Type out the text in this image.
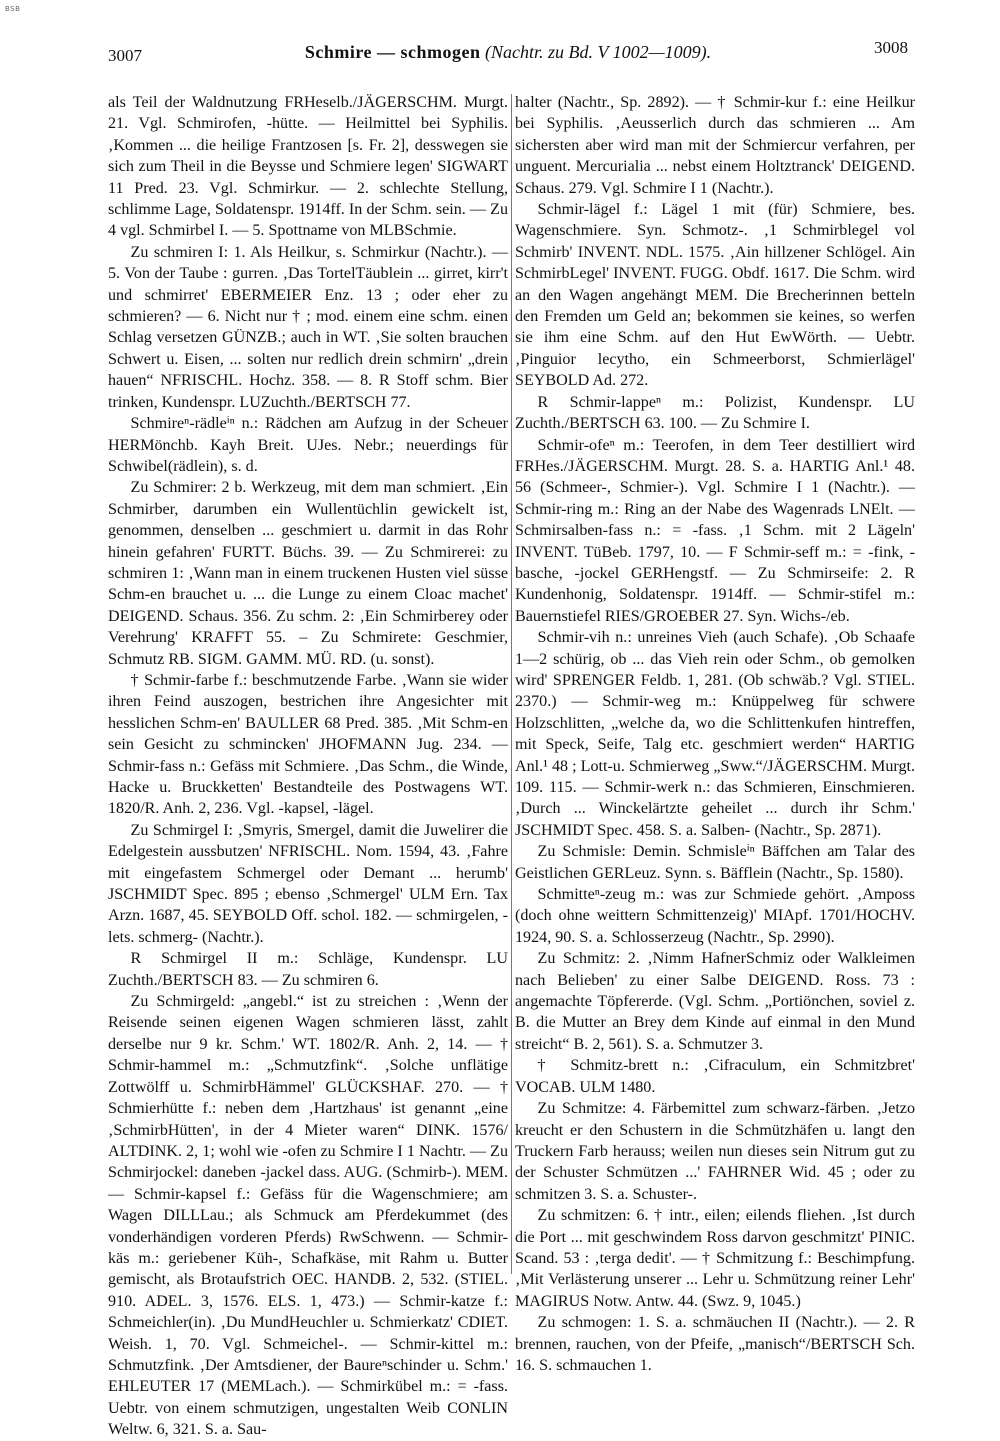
BSB
3007	Schmire — schmogen (Nachtr. zu Bd. V 1002—1009).	3008

als Teil der Waldnutzung FRHeselb./JÄGERSCHM. Murgt. 21. Vgl. Schmirofen, -hütte. — Heilmittel bei Syphilis. ‚Kommen ... die heilige Frantzosen [s. Fr. 2], desswegen sie sich zum Theil in die Beysse und Schmiere legen' SIGWART 11 Pred. 23. Vgl. Schmirkur. — 2. schlechte Stellung, schlimme Lage, Soldatenspr. 1914ff. In der Schm. sein. — Zu 4 vgl. Schmirbel I. — 5. Spottname von MLBSchmie.

Zu schmiren I: 1. Als Heilkur, s. Schmirkur (Nachtr.). — 5. Von der Taube : gurren. ‚Das TortelTäublein ... girret, kirr't und schmirret' EBERMEIER Enz. 13 ; oder eher zu schmieren? — 6. Nicht nur † ; mod. einem eine schm. einen Schlag versetzen GÜNZB.; auch in WT. ‚Sie solten brauchen Schwert u. Eisen, ... solten nur redlich drein schmirn' „drein hauen“ NFRISCHL. Hochz. 358. — 8. R Stoff schm. Bier trinken, Kundenspr. LUZuchth./BERTSCH 77.

Schmireⁿ-rädleⁱⁿ n.: Rädchen am Aufzug in der Scheuer HERMönchb. Kayh Breit. UJes. Nebr.; neuerdings für Schwibel(rädlein), s. d.

Zu Schmirer: 2 b. Werkzeug, mit dem man schmiert. ‚Ein Schmirber, darumben ein Wullentüchlin gewickelt ist, genommen, denselben ... geschmiert u. darmit in das Rohr hinein gefahren' FURTT. Büchs. 39. — Zu Schmirerei: zu schmiren 1: ‚Wann man in einem truckenen Husten viel süsse Schm-en brauchet u. ... die Lunge zu einem Cloac machet' DEIGEND. Schaus. 356. Zu schm. 2: ‚Ein Schmirberey oder Verehrung' KRAFFT 55. – Zu Schmirete: Geschmier, Schmutz RB. SIGM. GAMM. MÜ. RD. (u. sonst).

† Schmir-farbe f.: beschmutzende Farbe. ‚Wann sie wider ihren Feind auszogen, bestrichen ihre Angesichter mit hesslichen Schm-en' BAULLER 68 Pred. 385. ‚Mit Schm-en sein Gesicht zu schmincken' JHOFMANN Jug. 234. — Schmir-fass n.: Gefäss mit Schmiere. ‚Das Schm., die Winde, Hacke u. Bruckketten' Bestandteile des Postwagens WT. 1820/R. Anh. 2, 236. Vgl. -kapsel, -lägel.

Zu Schmirgel I: ‚Smyris, Smergel, damit die Juwelirer die Edelgestein aussbutzen' NFRISCHL. Nom. 1594, 43. ‚Fahre mit eingefastem Schmergel oder Demant ... herumb' JSCHMIDT Spec. 895 ; ebenso ‚Schmergel' ULM Ern. Tax Arzn. 1687, 45. SEYBOLD Off. schol. 182. — schmirgelen, -lets. schmerg- (Nachtr.).

R Schmirgel II m.: Schläge, Kundenspr. LU Zuchth./BERTSCH 83. — Zu schmiren 6.

Zu Schmirgeld: „angebl.“ ist zu streichen : ‚Wenn der Reisende seinen eigenen Wagen schmieren lässt, zahlt derselbe nur 9 kr. Schm.' WT. 1802/R. Anh. 2, 14. — † Schmir-hammel m.: „Schmutzfink“. ‚Solche unflätige Zottwölff u. SchmirbHämmel' GLÜCKSHAF. 270. — † Schmierhütte f.: neben dem ‚Hartzhaus' ist genannt „eine ‚SchmirbHütten', in der 4 Mieter waren“ DINK. 1576/ ALTDINK. 2, 1; wohl wie -ofen zu Schmire I 1 Nachtr. — Zu Schmirjockel: daneben -jackel dass. AUG. (Schmirb-). MEM. — Schmir-kapsel f.: Gefäss für die Wagenschmiere; am Wagen DILLLau.; als Schmuck am Pferdekummet (des vonderhändigen vorderen Pferds) RwSchwenn. — Schmir-käs m.: geriebener Küh-, Schafkäse, mit Rahm u. Butter gemischt, als Brotaufstrich OEC. HANDB. 2, 532. (STIEL. 910. ADEL. 3, 1576. ELS. 1, 473.) — Schmir-katze f.: Schmeichler(in). ‚Du MundHeuchler u. Schmierkatz' CDIET. Weish. 1, 70. Vgl. Schmeichel-. — Schmir-kittel m.: Schmutzfink. ‚Der Amtsdiener, der Baureⁿschinder u. Schm.' EHLEUTER 17 (MEMLach.). — Schmirkübel m.: = -fass. Uebtr. von einem schmutzigen, ungestalten Weib CONLIN Weltw. 6, 321. S. a. Sau-

halter (Nachtr., Sp. 2892). — † Schmir-kur f.: eine Heilkur bei Syphilis. ‚Aeusserlich durch das schmieren ... Am sichersten aber wird man mit der Schmiercur verfahren, per unguent. Mercurialia ... nebst einem Holtztranck' DEIGEND. Schaus. 279. Vgl. Schmire I 1 (Nachtr.).

Schmir-lägel f.: Lägel 1 mit (für) Schmiere, bes. Wagenschmiere. Syn. Schmotz-. ‚1 Schmirblegel vol Schmirb' INVENT. NDL. 1575. ‚Ain hillzener Schlögel. Ain SchmirbLegel' INVENT. FUGG. Obdf. 1617. Die Schm. wird an den Wagen angehängt MEM. Die Brecherinnen betteln den Fremden um Geld an; bekommen sie keines, so werfen sie ihm eine Schm. auf den Hut EwWörth. — Uebtr. ‚Pinguior lecytho, ein Schmeerborst, Schmierlägel' SEYBOLD Ad. 272.

R Schmir-lappeⁿ m.: Polizist, Kundenspr. LU Zuchth./BERTSCH 63. 100. — Zu Schmire I.

Schmir-ofeⁿ m.: Teerofen, in dem Teer destilliert wird FRHes./JÄGERSCHM. Murgt. 28. S. a. HARTIG Anl.¹ 48. 56 (Schmeer-, Schmier-). Vgl. Schmire I 1 (Nachtr.). — Schmir-ring m.: Ring an der Nabe des Wagenrads LNElt. — Schmirsalben-fass n.: = -fass. ‚1 Schm. mit 2 Lägeln' INVENT. TüBeb. 1797, 10. — F Schmir-seff m.: = -fink, -basche, -jockel GERHengstf. — Zu Schmirseife: 2. R Kundenhonig, Soldatenspr. 1914ff. — Schmir-stifel m.: Bauernstiefel RIES/GROEBER 27. Syn. Wichs-/eb.

Schmir-vih n.: unreines Vieh (auch Schafe). ‚Ob Schaafe 1—2 schürig, ob ... das Vieh rein oder Schm., ob gemolken wird' SPRENGER Feldb. 1, 281. (Ob schwäb.? Vgl. STIEL. 2370.) — Schmir-weg m.: Knüppelweg für schwere Holzschlitten, „welche da, wo die Schlittenkufen hintreffen, mit Speck, Seife, Talg etc. geschmiert werden“ HARTIG Anl.¹ 48 ; Lott-u. Schmierweg „Sww.“/JÄGERSCHM. Murgt. 109. 115. — Schmir-werk n.: das Schmieren, Einschmieren. ‚Durch ... Winckelärtzte geheilet ... durch ihr Schm.' JSCHMIDT Spec. 458. S. a. Salben- (Nachtr., Sp. 2871).

Zu Schmisle: Demin. Schmisleⁱⁿ Bäffchen am Talar des Geistlichen GERLeuz. Synn. s. Bäfflein (Nachtr., Sp. 1580).

Schmitteⁿ-zeug m.: was zur Schmiede gehört. ‚Amposs (doch ohne weittern Schmittenzeig)' MIApf. 1701/HOCHV. 1924, 90. S. a. Schlosserzeug (Nachtr., Sp. 2990).

Zu Schmitz: 2. ‚Nimm HafnerSchmiz oder Walkleimen nach Belieben' zu einer Salbe DEIGEND. Ross. 73 : angemachte Töpfererde. (Vgl. Schm. „Portiönchen, soviel z. B. die Mutter an Brey dem Kinde auf einmal in den Mund streicht“ B. 2, 561). S. a. Schmutzer 3.

† Schmitz-brett n.: ‚Cifraculum, ein Schmitzbret' VOCAB. ULM 1480.

Zu Schmitze: 4. Färbemittel zum schwarz-färben. ‚Jetzo kreucht er den Schustern in die Schmützhäfen u. langt den Truckern Farb herauss; weilen nun dieses sein Nitrum gut zu der Schuster Schmützen ...' FAHRNER Wid. 45 ; oder zu schmitzen 3. S. a. Schuster-.

Zu schmitzen: 6. † intr., eilen; eilends fliehen. ‚Ist durch die Port ... mit geschwindem Ross darvon geschmitzt' PINIC. Scand. 53 : ‚terga dedit'. — † Schmitzung f.: Beschimpfung. ‚Mit Verlästerung unserer ... Lehr u. Schmützung reiner Lehr' MAGIRUS Notw. Antw. 44. (Swz. 9, 1045.)

Zu schmogen: 1. S. a. schmäuchen II (Nachtr.). — 2. R brennen, rauchen, von der Pfeife, „manisch“/BERTSCH Sch. 16. S. schmauchen 1.
